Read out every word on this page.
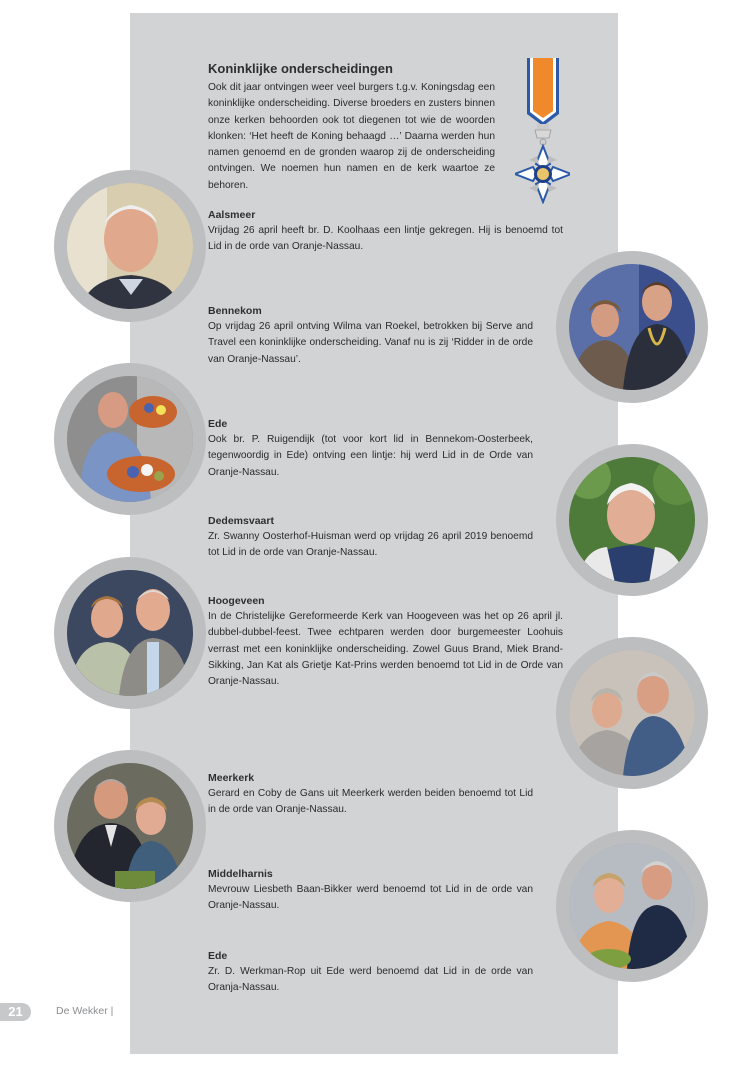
Koninklijke onderscheidingen
Ook dit jaar ontvingen weer veel burgers t.g.v. Koningsdag een koninklijke onderscheiding. Diverse broeders en zusters binnen onze kerken behoorden ook tot diegenen tot wie de woorden klonken: ‘Het heeft de Koning behaagd …’ Daarna werden hun namen genoemd en de gronden waarop zij de onderscheiding ontvingen. We noemen hun namen en de kerk waartoe ze behoren.
Aalsmeer
Vrijdag 26 april heeft br. D. Koolhaas een lintje gekregen. Hij is benoemd tot Lid in de orde van Oranje-Nassau.
Bennekom
Op vrijdag 26 april ontving Wilma van Roekel, betrokken bij Serve and Travel een koninklijke onderscheiding. Vanaf nu is zij ‘Ridder in de orde van Oranje-Nassau’.
Ede
Ook br. P. Ruigendijk (tot voor kort lid in Bennekom-Oosterbeek, tegenwoordig in Ede) ontving een lintje: hij werd Lid in de Orde van Oranje-Nassau.
Dedemsvaart
Zr. Swanny Oosterhof-Huisman werd op vrijdag 26 april 2019 benoemd tot Lid in de orde van Oranje-Nassau.
Hoogeveen
In de Christelijke Gereformeerde Kerk van Hoogeveen was het op 26 april jl. dubbel-dubbel-feest. Twee echtparen werden door burgemeester Loohuis verrast met een koninklijke onderscheiding. Zowel Guus Brand, Miek Brand-Sikking, Jan Kat als Grietje Kat-Prins werden benoemd tot Lid in de Orde van Oranje-Nassau.
Meerkerk
Gerard en Coby de Gans uit Meerkerk werden beiden benoemd tot Lid in de orde van Oranje-Nassau.
Middelharnis
Mevrouw Liesbeth Baan-Bikker werd benoemd tot Lid in de orde van Oranje-Nassau.
Ede
Zr. D. Werkman-Rop uit Ede werd benoemd dat Lid in de orde van Oranja-Nassau.
21	De Wekker |
